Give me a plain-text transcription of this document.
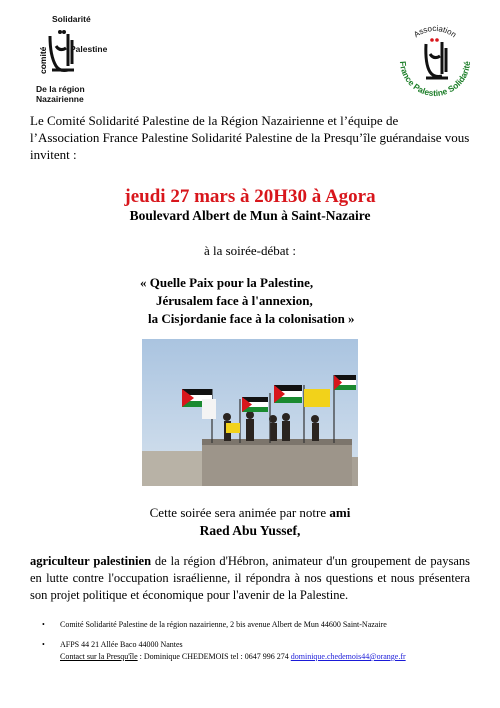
Solidarité
comité	Palestine
De la région
Nazairienne
Association
France Palestine Solidarité
Le Comité Solidarité Palestine de la Région Nazairienne et l’équipe de l’Association France Palestine Solidarité Palestine de la Presqu’île guérandaise vous invitent :
jeudi 27 mars à 20H30 à Agora
Boulevard Albert de Mun à Saint-Nazaire
à la soirée-débat :
« Quelle Paix pour la Palestine,
Jérusalem face à l'annexion,
la Cisjordanie face à la colonisation »
Cette soirée sera animée par notre ami
Raed Abu Yussef,
agriculteur palestinien de la région d'Hébron, animateur d'un groupement de paysans en lutte contre l'occupation israélienne, il répondra à nos questions et nous présentera son projet politique et économique pour l'avenir de la Palestine.
• Comité Solidarité Palestine de la région nazairienne, 2 bis avenue Albert de Mun 44600 Saint-Nazaire
• AFPS 44 21 Allée Baco 44000 Nantes
Contact sur la Presqu'île : Dominique CHEDEMOIS tel : 0647 996 274 dominique.chedemois44@orange.fr
